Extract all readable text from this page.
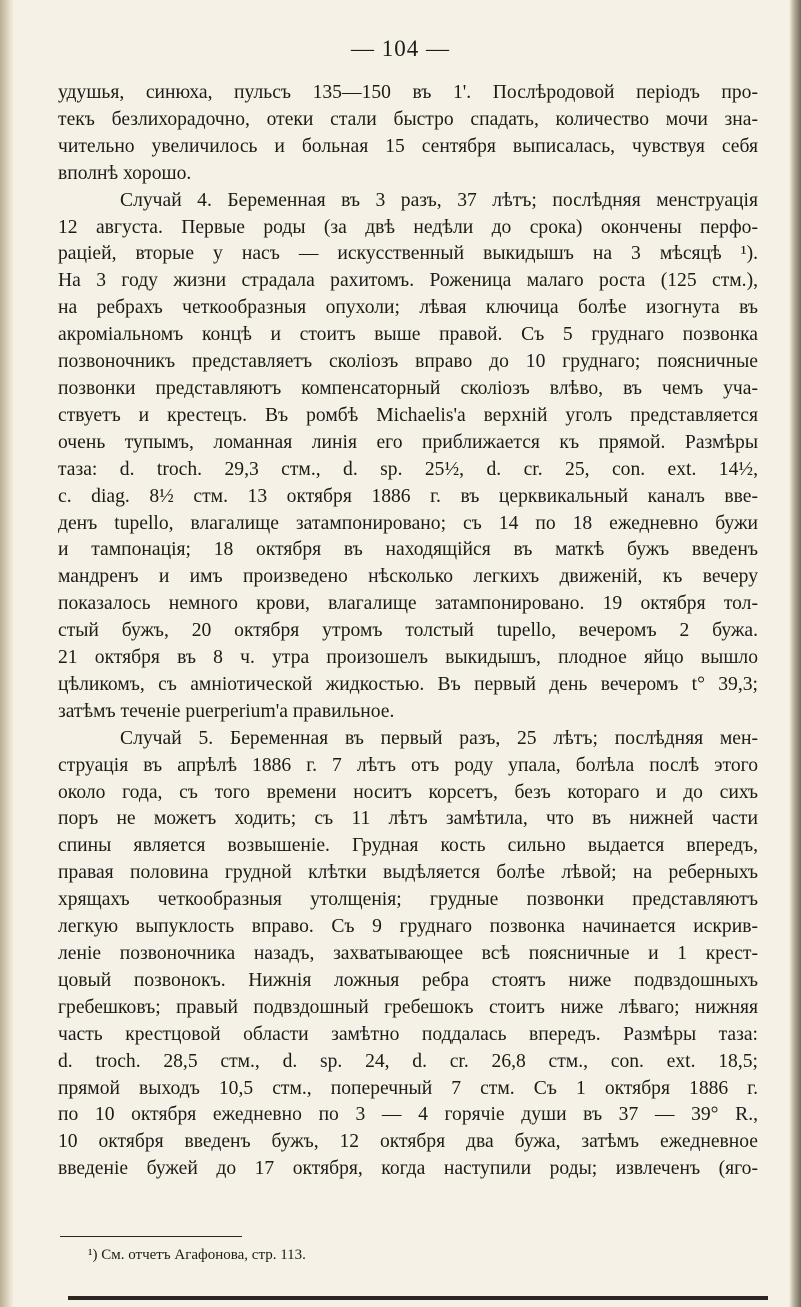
— 104 —
удушья, синюха, пульсъ 135—150 въ 1'. Послѣродовой періодъ про-
текъ безлихорадочно, отеки стали быстро спадать, количество мочи зна-
чительно увеличилось и больная 15 сентября выписалась, чувствуя себя
вполнѣ хорошо.
Случай 4. Беременная въ 3 разъ, 37 лѣтъ; послѣдняя менструація
12 августа. Первые роды (за двѣ недѣли до срока) окончены перфо-
раціей, вторые у насъ — искусственный выкидышъ на 3 мѣсяцѣ ¹).
На 3 году жизни страдала рахитомъ. Роженица малаго роста (125 стм.),
на ребрахъ четкообразныя опухоли; лѣвая ключица болѣе изогнута въ
акроміальномъ концѣ и стоитъ выше правой. Съ 5 груднаго позвонка
позвоночникъ представляетъ сколіозъ вправо до 10 груднаго; поясничные
позвонки представляютъ компенсаторный сколіозъ влѣво, въ чемъ уча-
ствуетъ и крестецъ. Въ ромбѣ Michaelis'а верхній уголъ представляется
очень тупымъ, ломанная линія его приближается къ прямой. Размѣры
таза: d. troch. 29,3 стм., d. sp. 25½, d. cr. 25, con. ext. 14½,
c. diag. 8½ стм. 13 октября 1886 г. въ церквикальный каналъ вве-
денъ tupello, влагалище затампонировано; съ 14 по 18 ежедневно бужи
и тампонація; 18 октября въ находящійся въ маткѣ бужъ введенъ
мандренъ и имъ произведено нѣсколько легкихъ движеній, къ вечеру
показалось немного крови, влагалище затампонировано. 19 октября тол-
стый бужъ, 20 октября утромъ толстый tupello, вечеромъ 2 бужа.
21 октября въ 8 ч. утра произошелъ выкидышъ, плодное яйцо вышло
цѣликомъ, съ амніотической жидкостью. Въ первый день вечеромъ t° 39,3;
затѣмъ теченіе puerperium'а правильное.
Случай 5. Беременная въ первый разъ, 25 лѣтъ; послѣдняя мен-
струація въ апрѣлѣ 1886 г. 7 лѣтъ отъ роду упала, болѣла послѣ этого
около года, съ того времени носитъ корсетъ, безъ котораго и до сихъ
поръ не можетъ ходить; съ 11 лѣтъ замѣтила, что въ нижней части
спины является возвышеніе. Грудная кость сильно выдается впередъ,
правая половина грудной клѣтки выдѣляется болѣе лѣвой; на реберныхъ
хрящахъ четкообразныя утолщенія; грудные позвонки представляютъ
легкую выпуклость вправо. Съ 9 груднаго позвонка начинается искрив-
леніе позвоночника назадъ, захватывающее всѣ поясничные и 1 крест-
цовый позвонокъ. Нижнія ложныя ребра стоятъ ниже подвздошныхъ
гребешковъ; правый подвздошный гребешокъ стоитъ ниже лѣваго; нижняя
часть крестцовой области замѣтно поддалась впередъ. Размѣры таза:
d. troch. 28,5 стм., d. sp. 24, d. cr. 26,8 стм., con. ext. 18,5;
прямой выходъ 10,5 стм., поперечный 7 стм. Съ 1 октября 1886 г.
по 10 октября ежедневно по 3 — 4 горячіе души въ 37 — 39° R.,
10 октября введенъ бужъ, 12 октября два бужа, затѣмъ ежедневное
введеніе бужей до 17 октября, когда наступили роды; извлеченъ (яго-
¹) См. отчетъ Агафонова, стр. 113.
